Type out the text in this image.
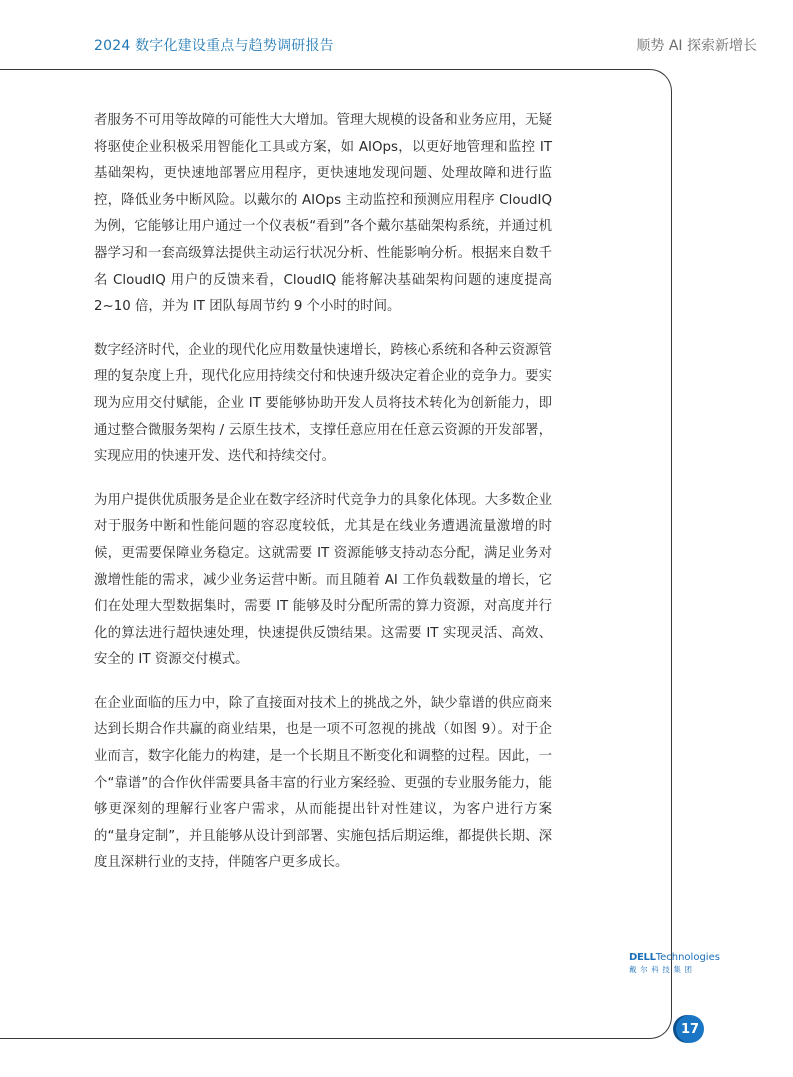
2024 数字化建设重点与趋势调研报告	顺势 AI 探索新增长

者服务不可用等故障的可能性大大增加。管理大规模的设备和业务应用，无疑将驱使企业积极采用智能化工具或方案，如 AIOps，以更好地管理和监控 IT 基础架构，更快速地部署应用程序，更快速地发现问题、处理故障和进行监控，降低业务中断风险。以戴尔的 AIOps 主动监控和预测应用程序 CloudIQ 为例，它能够让用户通过一个仪表板“看到”各个戴尔基础架构系统，并通过机器学习和一套高级算法提供主动运行状况分析、性能影响分析。根据来自数千名 CloudIQ 用户的反馈来看，CloudIQ 能将解决基础架构问题的速度提高 2~10 倍，并为 IT 团队每周节约 9 个小时的时间。

数字经济时代，企业的现代化应用数量快速增长，跨核心系统和各种云资源管理的复杂度上升，现代化应用持续交付和快速升级决定着企业的竞争力。要实现为应用交付赋能，企业 IT 要能够协助开发人员将技术转化为创新能力，即通过整合微服务架构 / 云原生技术，支撑任意应用在任意云资源的开发部署，实现应用的快速开发、迭代和持续交付。

为用户提供优质服务是企业在数字经济时代竞争力的具象化体现。大多数企业对于服务中断和性能问题的容忍度较低，尤其是在线业务遭遇流量激增的时候，更需要保障业务稳定。这就需要 IT 资源能够支持动态分配，满足业务对激增性能的需求，减少业务运营中断。而且随着 AI 工作负载数量的增长，它们在处理大型数据集时，需要 IT 能够及时分配所需的算力资源，对高度并行化的算法进行超快速处理，快速提供反馈结果。这需要 IT 实现灵活、高效、安全的 IT 资源交付模式。

在企业面临的压力中，除了直接面对技术上的挑战之外，缺少靠谱的供应商来达到长期合作共赢的商业结果，也是一项不可忽视的挑战（如图 9）。对于企业而言，数字化能力的构建，是一个长期且不断变化和调整的过程。因此，一个“靠谱”的合作伙伴需要具备丰富的行业方案经验、更强的专业服务能力，能够更深刻的理解行业客户需求，从而能提出针对性建议，为客户进行方案的“量身定制”，并且能够从设计到部署、实施包括后期运维，都提供长期、深度且深耕行业的支持，伴随客户更多成长。

DELLTechnologies
戴尔科技集团
17
